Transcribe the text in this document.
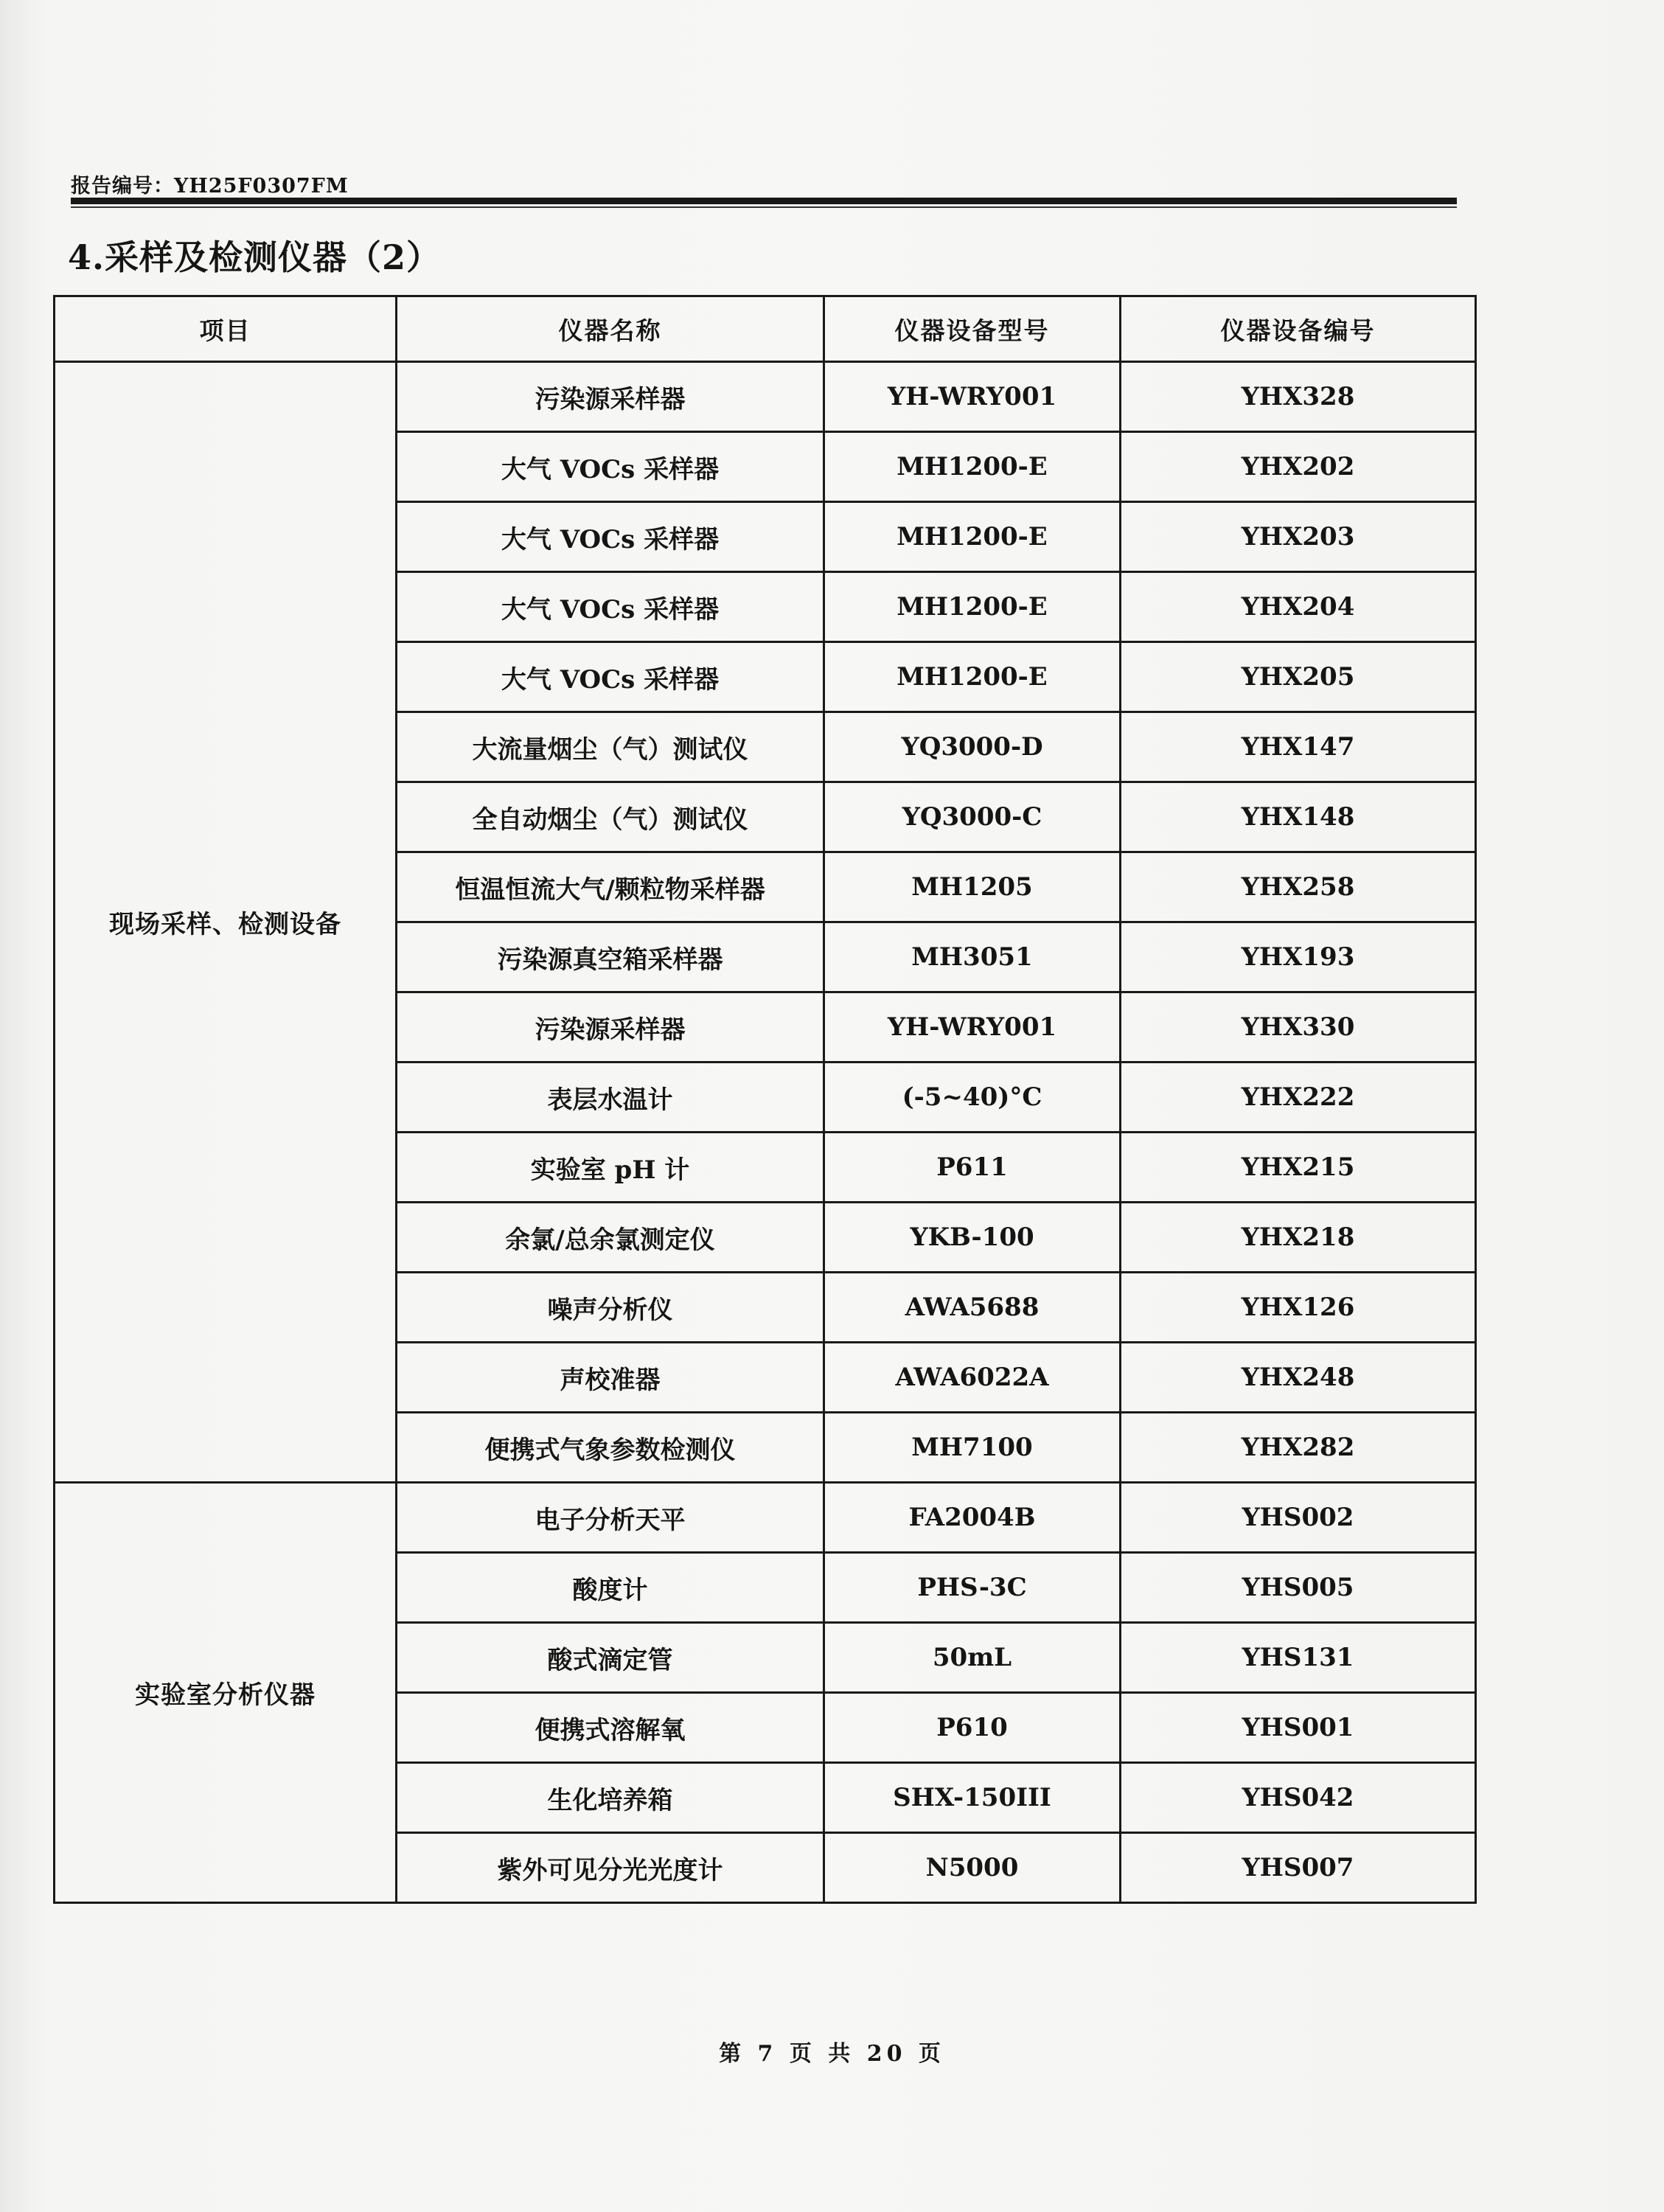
报告编号：YH25F0307FM
4.采样及检测仪器（2）
项目	仪器名称	仪器设备型号	仪器设备编号
现场采样、检测设备	污染源采样器	YH-WRY001	YHX328
	大气 VOCs 采样器	MH1200-E	YHX202
	大气 VOCs 采样器	MH1200-E	YHX203
	大气 VOCs 采样器	MH1200-E	YHX204
	大气 VOCs 采样器	MH1200-E	YHX205
	大流量烟尘（气）测试仪	YQ3000-D	YHX147
	全自动烟尘（气）测试仪	YQ3000-C	YHX148
	恒温恒流大气/颗粒物采样器	MH1205	YHX258
	污染源真空箱采样器	MH3051	YHX193
	污染源采样器	YH-WRY001	YHX330
	表层水温计	(-5~40)°C	YHX222
	实验室 pH 计	P611	YHX215
	余氯/总余氯测定仪	YKB-100	YHX218
	噪声分析仪	AWA5688	YHX126
	声校准器	AWA6022A	YHX248
	便携式气象参数检测仪	MH7100	YHX282
实验室分析仪器	电子分析天平	FA2004B	YHS002
	酸度计	PHS-3C	YHS005
	酸式滴定管	50mL	YHS131
	便携式溶解氧	P610	YHS001
	生化培养箱	SHX-150III	YHS042
	紫外可见分光光度计	N5000	YHS007
第 7 页 共 20 页
